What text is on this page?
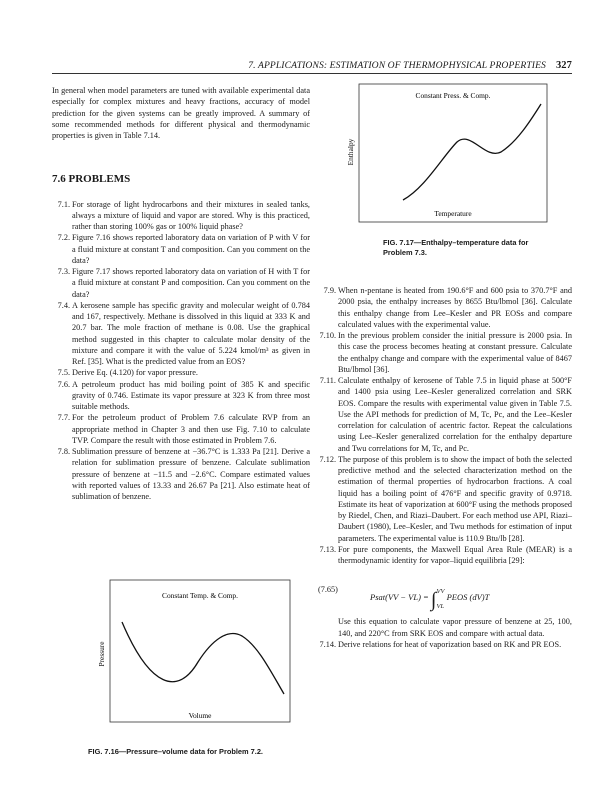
7. APPLICATIONS: ESTIMATION OF THERMOPHYSICAL PROPERTIES 327

In general when model parameters are tuned with available experimental data especially for complex mixtures and heavy fractions, accuracy of model prediction for the given systems can be greatly improved. A summary of some recommended methods for different physical and thermodynamic properties is given in Table 7.14.

7.6 PROBLEMS
7.1. For storage of light hydrocarbons and their mixtures in sealed tanks, always a mixture of liquid and vapor are stored. Why is this practiced, rather than storing 100% gas or 100% liquid phase?
7.2. Figure 7.16 shows reported laboratory data on variation of P with V for a fluid mixture at constant T and composition. Can you comment on the data?
7.3. Figure 7.17 shows reported laboratory data on variation of H with T for a fluid mixture at constant P and composition. Can you comment on the data?
7.4. A kerosene sample has specific gravity and molecular weight of 0.784 and 167, respectively. Methane is dissolved in this liquid at 333 K and 20.7 bar. The mole fraction of methane is 0.08. Use the graphical method suggested in this chapter to calculate molar density of the mixture and compare it with the value of 5.224 kmol/m³ as given in Ref. [35]. What is the predicted value from an EOS?
7.5. Derive Eq. (4.120) for vapor pressure.
7.6. A petroleum product has mid boiling point of 385 K and specific gravity of 0.746. Estimate its vapor pressure at 323 K from three most suitable methods.
7.7. For the petroleum product of Problem 7.6 calculate RVP from an appropriate method in Chapter 3 and then use Fig. 7.10 to calculate TVP. Compare the result with those estimated in Problem 7.6.
7.8. Sublimation pressure of benzene at −36.7°C is 1.333 Pa [21]. Derive a relation for sublimation pressure of benzene. Calculate sublimation pressure of benzene at −11.5 and −2.6°C. Compare estimated values with reported values of 13.33 and 26.67 Pa [21]. Also estimate heat of sublimation of benzene.
Constant Temp. & Comp.
Volume
Pressure
FIG. 7.16—Pressure–volume data for Problem 7.2.
Constant Press. & Comp.
Temperature
Enthalpy
FIG. 7.17—Enthalpy–temperature data for Problem 7.3.
7.9. When n-pentane is heated from 190.6°F and 600 psia to 370.7°F and 2000 psia, the enthalpy increases by 8655 Btu/lbmol [36]. Calculate this enthalpy change from Lee–Kesler and PR EOSs and compare calculated values with the experimental value.
7.10. In the previous problem consider the initial pressure is 2000 psia. In this case the process becomes heating at constant pressure. Calculate the enthalpy change and compare with the experimental value of 8467 Btu/lbmol [36].
7.11. Calculate enthalpy of kerosene of Table 7.5 in liquid phase at 500°F and 1400 psia using Lee–Kesler generalized correlation and SRK EOS. Compare the results with experimental value given in Table 7.5. Use the API methods for prediction of M, Tc, Pc, and the Lee–Kesler correlation for calculation of acentric factor. Repeat the calculations using Lee–Kesler generalized correlation for the enthalpy departure and Twu correlations for M, Tc, and Pc.
7.12. The purpose of this problem is to show the impact of both the selected predictive method and the selected characterization method on the estimation of thermal properties of hydrocarbon fractions. A coal liquid has a boiling point of 476°F and specific gravity of 0.9718. Estimate its heat of vaporization at 600°F using the methods proposed by Riedel, Chen, and Riazi–Daubert. For each method use API, Riazi–Daubert (1980), Lee–Kesler, and Twu methods for estimation of input parameters. The experimental value is 110.9 Btu/lb [28].
7.13. For pure components, the Maxwell Equal Area Rule (MEAR) is a thermodynamic identity for vapor–liquid equilibria [29]:
(7.65)
Psat(VV − VL) = ∫ VV
VL
PEOS (dV)T

Use this equation to calculate vapor pressure of benzene at 25, 100, 140, and 220°C from SRK EOS and compare with actual data.

7.14. Derive relations for heat of vaporization based on RK and PR EOS.
